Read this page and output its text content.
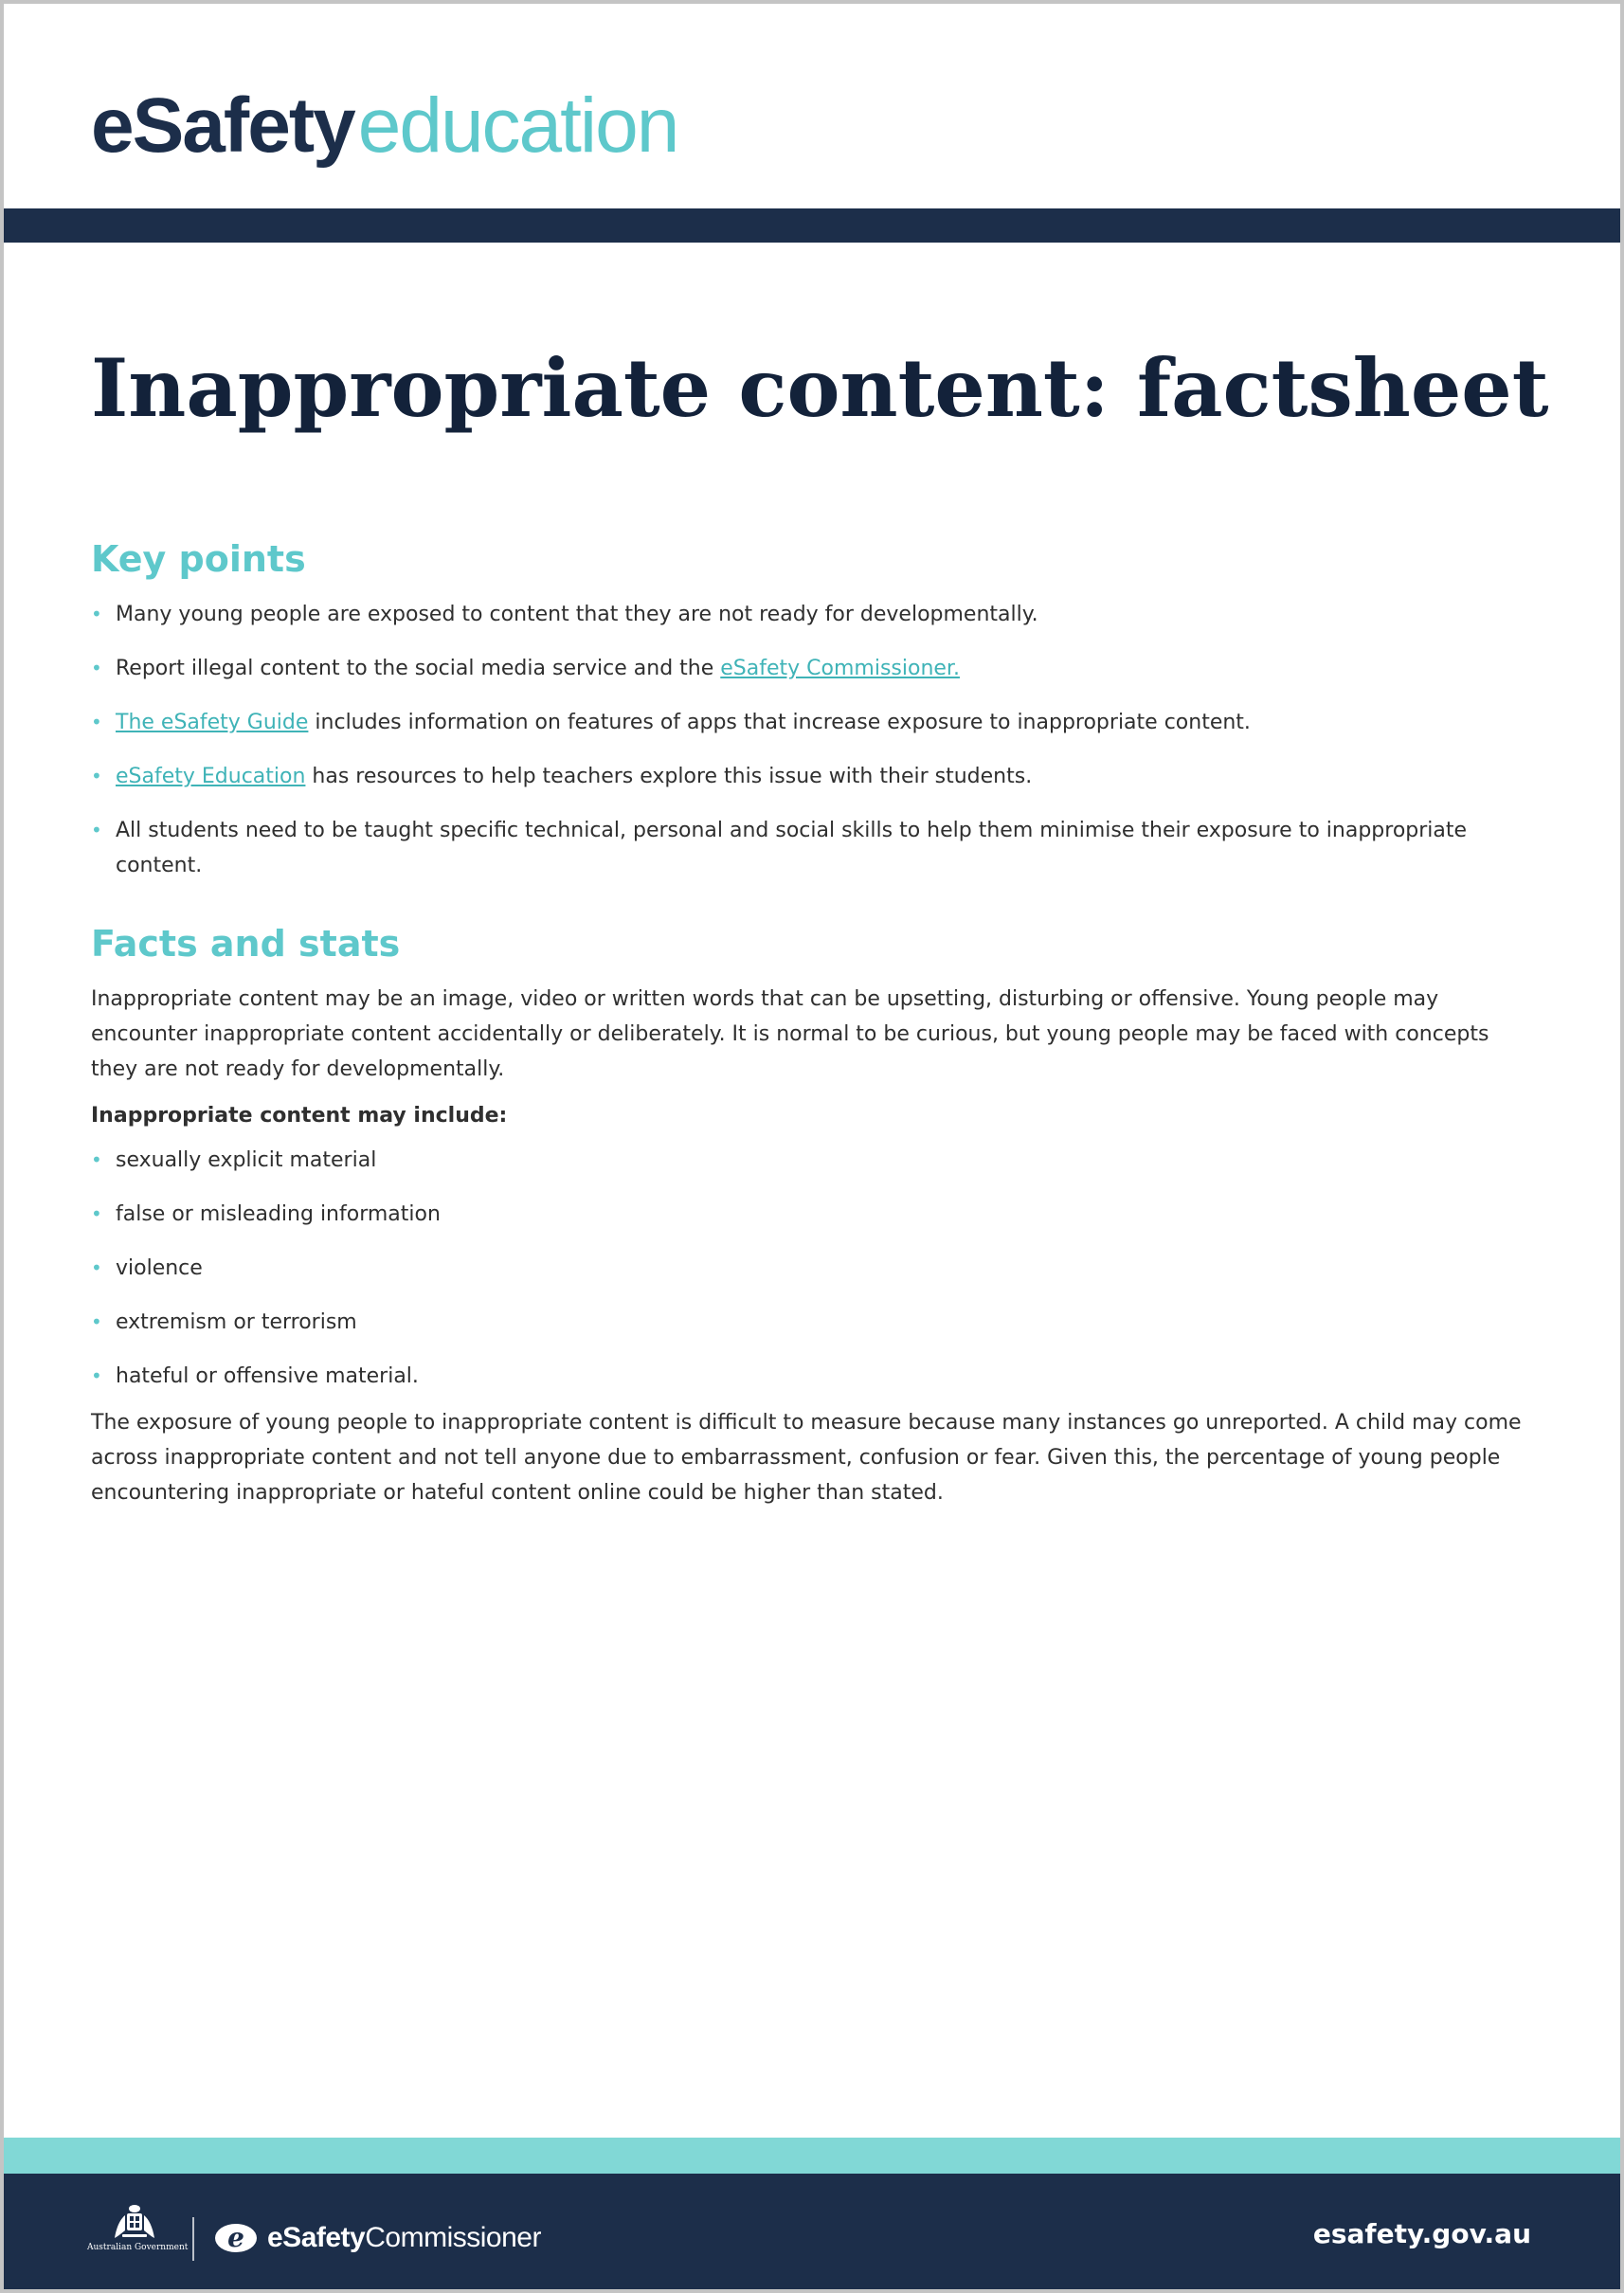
eSafetyeducation
Inappropriate content: factsheet
Key points
• Many young people are exposed to content that they are not ready for developmentally.
• Report illegal content to the social media service and the eSafety Commissioner.
• The eSafety Guide includes information on features of apps that increase exposure to inappropriate content.
• eSafety Education has resources to help teachers explore this issue with their students.
• All students need to be taught specific technical, personal and social skills to help them minimise their exposure to inappropriate content.
Facts and stats

Inappropriate content may be an image, video or written words that can be upsetting, disturbing or offensive. Young people may encounter inappropriate content accidentally or deliberately. It is normal to be curious, but young people may be faced with concepts they are not ready for developmentally.

Inappropriate content may include:

• sexually explicit material
• false or misleading information
• violence
• extremism or terrorism
• hateful or offensive material.

The exposure of young people to inappropriate content is difficult to measure because many instances go unreported. A child may come across inappropriate content and not tell anyone due to embarrassment, confusion or fear. Given this, the percentage of young people encountering inappropriate or hateful content online could be higher than stated.

Australian Government e eSafety Commissioner	esafety.gov.au
